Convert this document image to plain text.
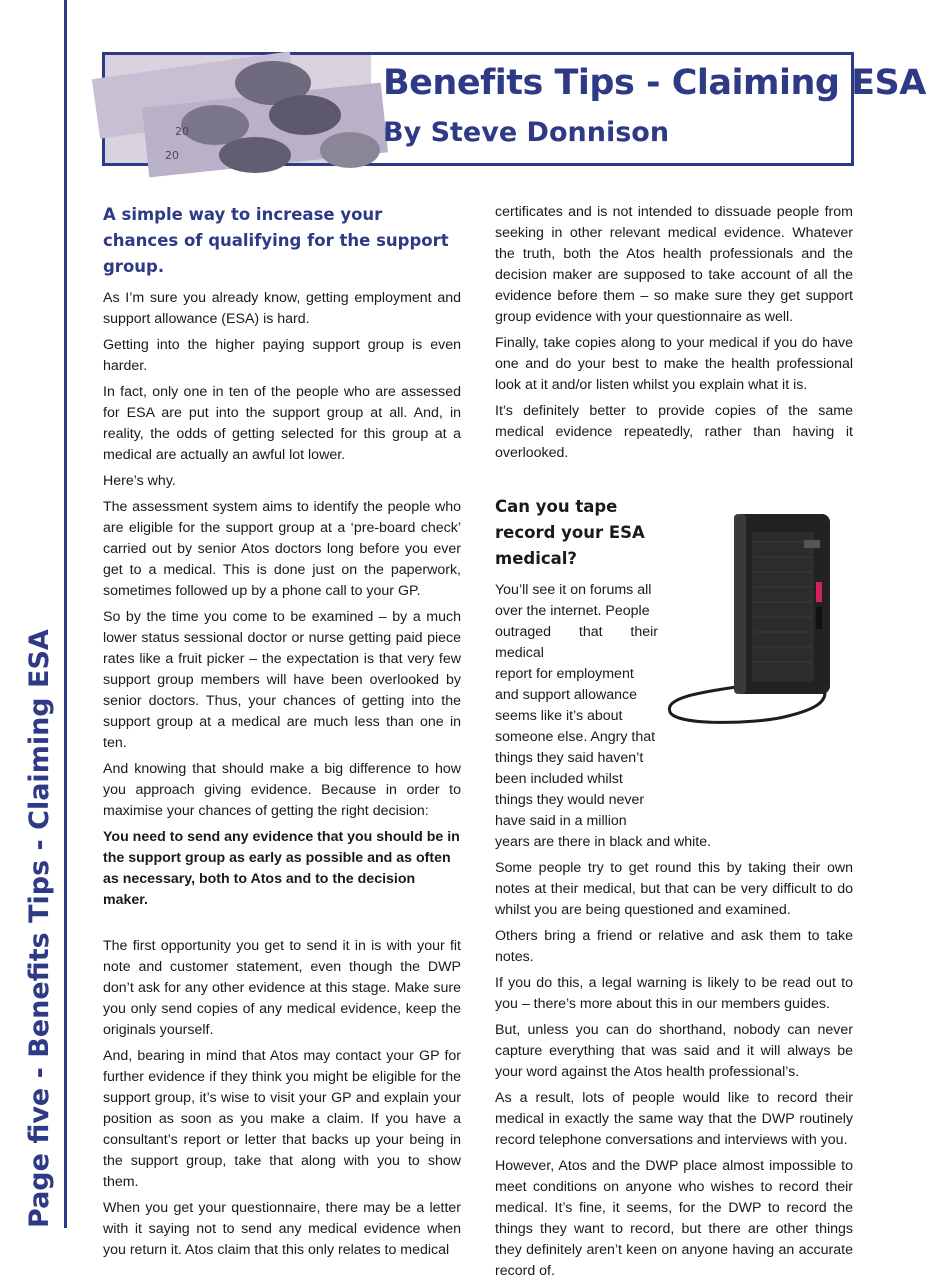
Page five - Benefits Tips - Claiming ESA
20
20
Benefits Tips - Claiming ESA
By Steve Donnison
A simple way to increase your chances of qualifying for the support group.

As I’m sure you already know, getting employment and support allowance (ESA) is hard.

Getting into the higher paying support group is even harder.

In fact, only one in ten of the people who are assessed for ESA are put into the support group at all. And, in reality, the odds of getting selected for this group at a medical are actually an awful lot lower.

Here’s why.

The assessment system aims to identify the people who are eligible for the support group at a ‘pre-board check’ carried out by senior Atos doctors long before you ever get to a medical. This is done just on the paperwork, sometimes followed up by a phone call to your GP.

So by the time you come to be examined – by a much lower status sessional doctor or nurse getting paid piece rates like a fruit picker – the expectation is that very few support group members will have been overlooked by senior doctors. Thus, your chances of getting into the support group at a medical are much less than one in ten.

And knowing that should make a big difference to how you approach giving evidence. Because in order to maximise your chances of getting the right decision:

You need to send any evidence that you should be in the support group as early as possible and as often as necessary, both to Atos and to the decision maker.

The first opportunity you get to send it in is with your fit note and customer statement, even though the DWP don’t ask for any other evidence at this stage. Make sure you only send copies of any medical evidence, keep the originals yourself.

And, bearing in mind that Atos may contact your GP for further evidence if they think you might be eligible for the support group, it’s wise to visit your GP and explain your position as soon as you make a claim. If you have a consultant’s report or letter that backs up your being in the support group, take that along with you to show them.

When you get your questionnaire, there may be a letter with it saying not to send any medical evidence when you return it. Atos claim that this only relates to medical

certificates and is not intended to dissuade people from seeking in other relevant medical evidence. Whatever the truth, both the Atos health professionals and the decision maker are supposed to take account of all the evidence before them – so make sure they get support group evidence with your questionnaire as well.

Finally, take copies along to your medical if you do have one and do your best to make the health professional look at it and/or listen whilst you explain what it is.

It’s definitely better to provide copies of the same medical evidence repeatedly, rather than having it overlooked.

Can you tape record your ESA medical?
You’ll see it on forums all
over the internet. People
outraged that their medical
report for employment
and support allowance
seems like it’s about
someone else. Angry that
things they said haven’t
been included whilst
things they would never
have said in a million

years are there in black and white.

Some people try to get round this by taking their own notes at their medical, but that can be very difficult to do whilst you are being questioned and examined.

Others bring a friend or relative and ask them to take notes.

If you do this, a legal warning is likely to be read out to you – there’s more about this in our members guides.

But, unless you can do shorthand, nobody can never capture everything that was said and it will always be your word against the Atos health professional’s.

As a result, lots of people would like to record their medical in exactly the same way that the DWP routinely record telephone conversations and interviews with you.

However, Atos and the DWP place almost impossible to meet conditions on anyone who wishes to record their medical. It’s fine, it seems, for the DWP to record the things they want to record, but there are other things they definitely aren’t keen on anyone having an accurate record of.
